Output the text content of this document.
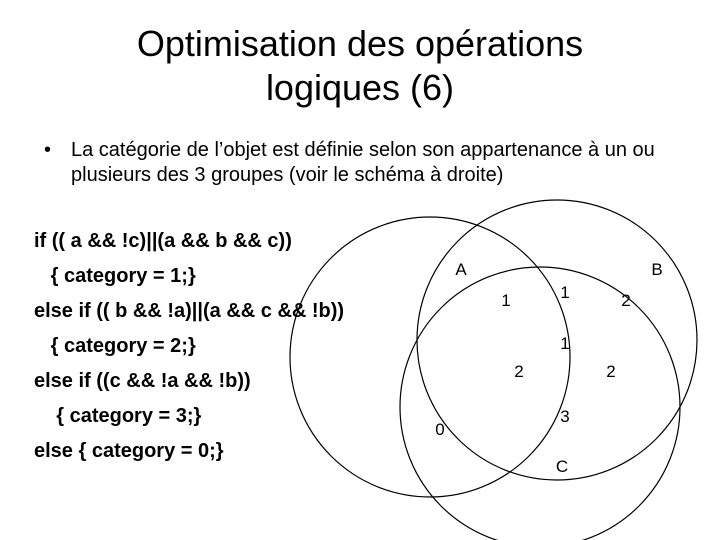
Optimisation des opérations
logiques (6)
• La catégorie de l’objet est définie selon son appartenance à un ou plusieurs des 3 groupes (voir le schéma à droite)
if (( a && !c)||(a && b && c))
{ category = 1;}
else if (( b && !a)||(a && c && !b))
{ category = 2;}
else if ((c && !a && !b))
{ category = 3;}
else { category = 0;}
A	B
C
1	1	2
1
2	2
3
0
